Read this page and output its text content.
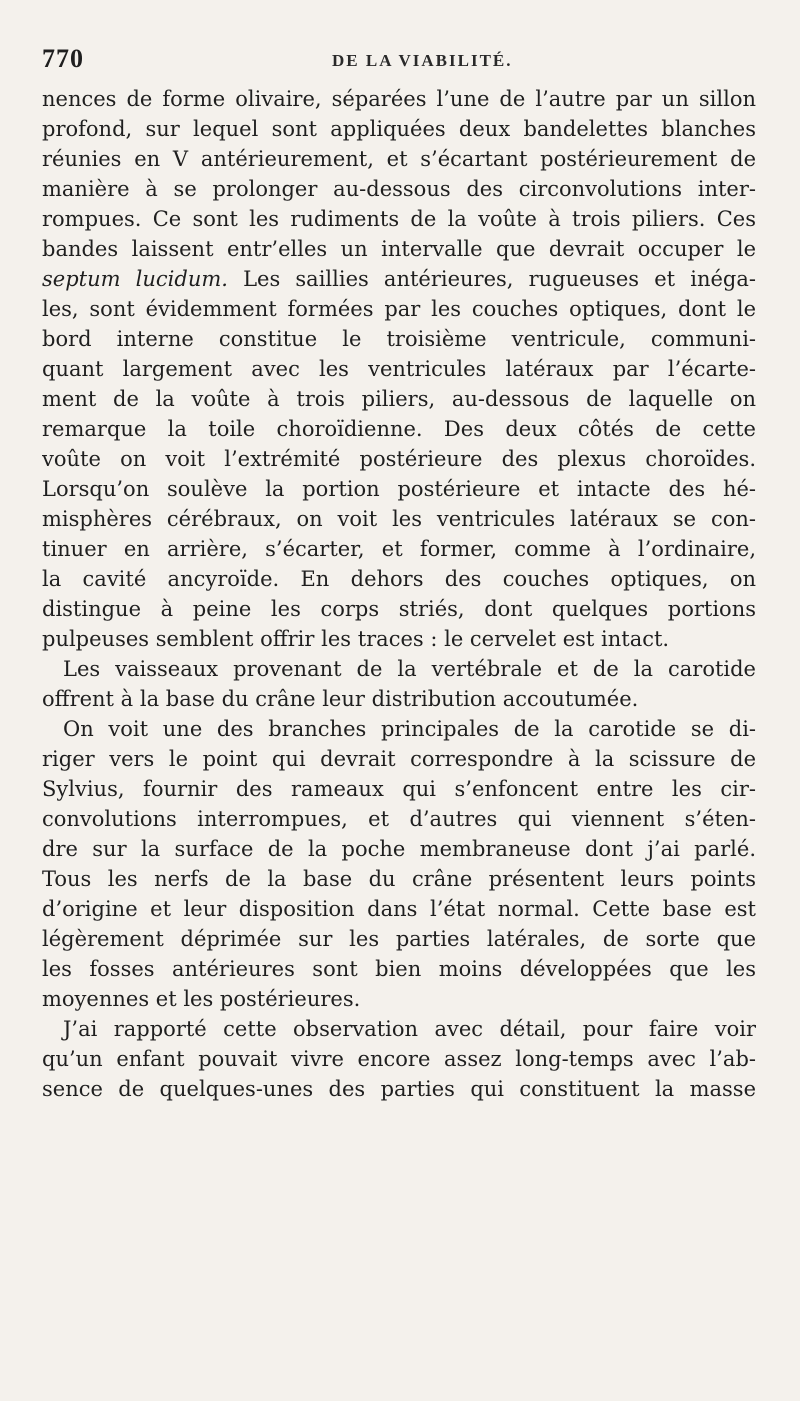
770	DE LA VIABILITÉ.
nences de forme olivaire, séparées l’une de l’autre par un sillon
profond, sur lequel sont appliquées deux bandelettes blanches
réunies en V antérieurement, et s’écartant postérieurement de
manière à se prolonger au-dessous des circonvolutions inter-
rompues. Ce sont les rudiments de la voûte à trois piliers. Ces
bandes laissent entr’elles un intervalle que devrait occuper le
septum lucidum. Les saillies antérieures, rugueuses et inéga-
les, sont évidemment formées par les couches optiques, dont le
bord interne constitue le troisième ventricule, communi-
quant largement avec les ventricules latéraux par l’écarte-
ment de la voûte à trois piliers, au-dessous de laquelle on
remarque la toile choroïdienne. Des deux côtés de cette
voûte on voit l’extrémité postérieure des plexus choroïdes.
Lorsqu’on soulève la portion postérieure et intacte des hé-
misphères cérébraux, on voit les ventricules latéraux se con-
tinuer en arrière, s’écarter, et former, comme à l’ordinaire,
la cavité ancyroïde. En dehors des couches optiques, on
distingue à peine les corps striés, dont quelques portions
pulpeuses semblent offrir les traces : le cervelet est intact.
Les vaisseaux provenant de la vertébrale et de la carotide
offrent à la base du crâne leur distribution accoutumée.
On voit une des branches principales de la carotide se di-
riger vers le point qui devrait correspondre à la scissure de
Sylvius, fournir des rameaux qui s’enfoncent entre les cir-
convolutions interrompues, et d’autres qui viennent s’éten-
dre sur la surface de la poche membraneuse dont j’ai parlé.
Tous les nerfs de la base du crâne présentent leurs points
d’origine et leur disposition dans l’état normal. Cette base est
légèrement déprimée sur les parties latérales, de sorte que
les fosses antérieures sont bien moins développées que les
moyennes et les postérieures.
J’ai rapporté cette observation avec détail, pour faire voir
qu’un enfant pouvait vivre encore assez long-temps avec l’ab-
sence de quelques-unes des parties qui constituent la masse
